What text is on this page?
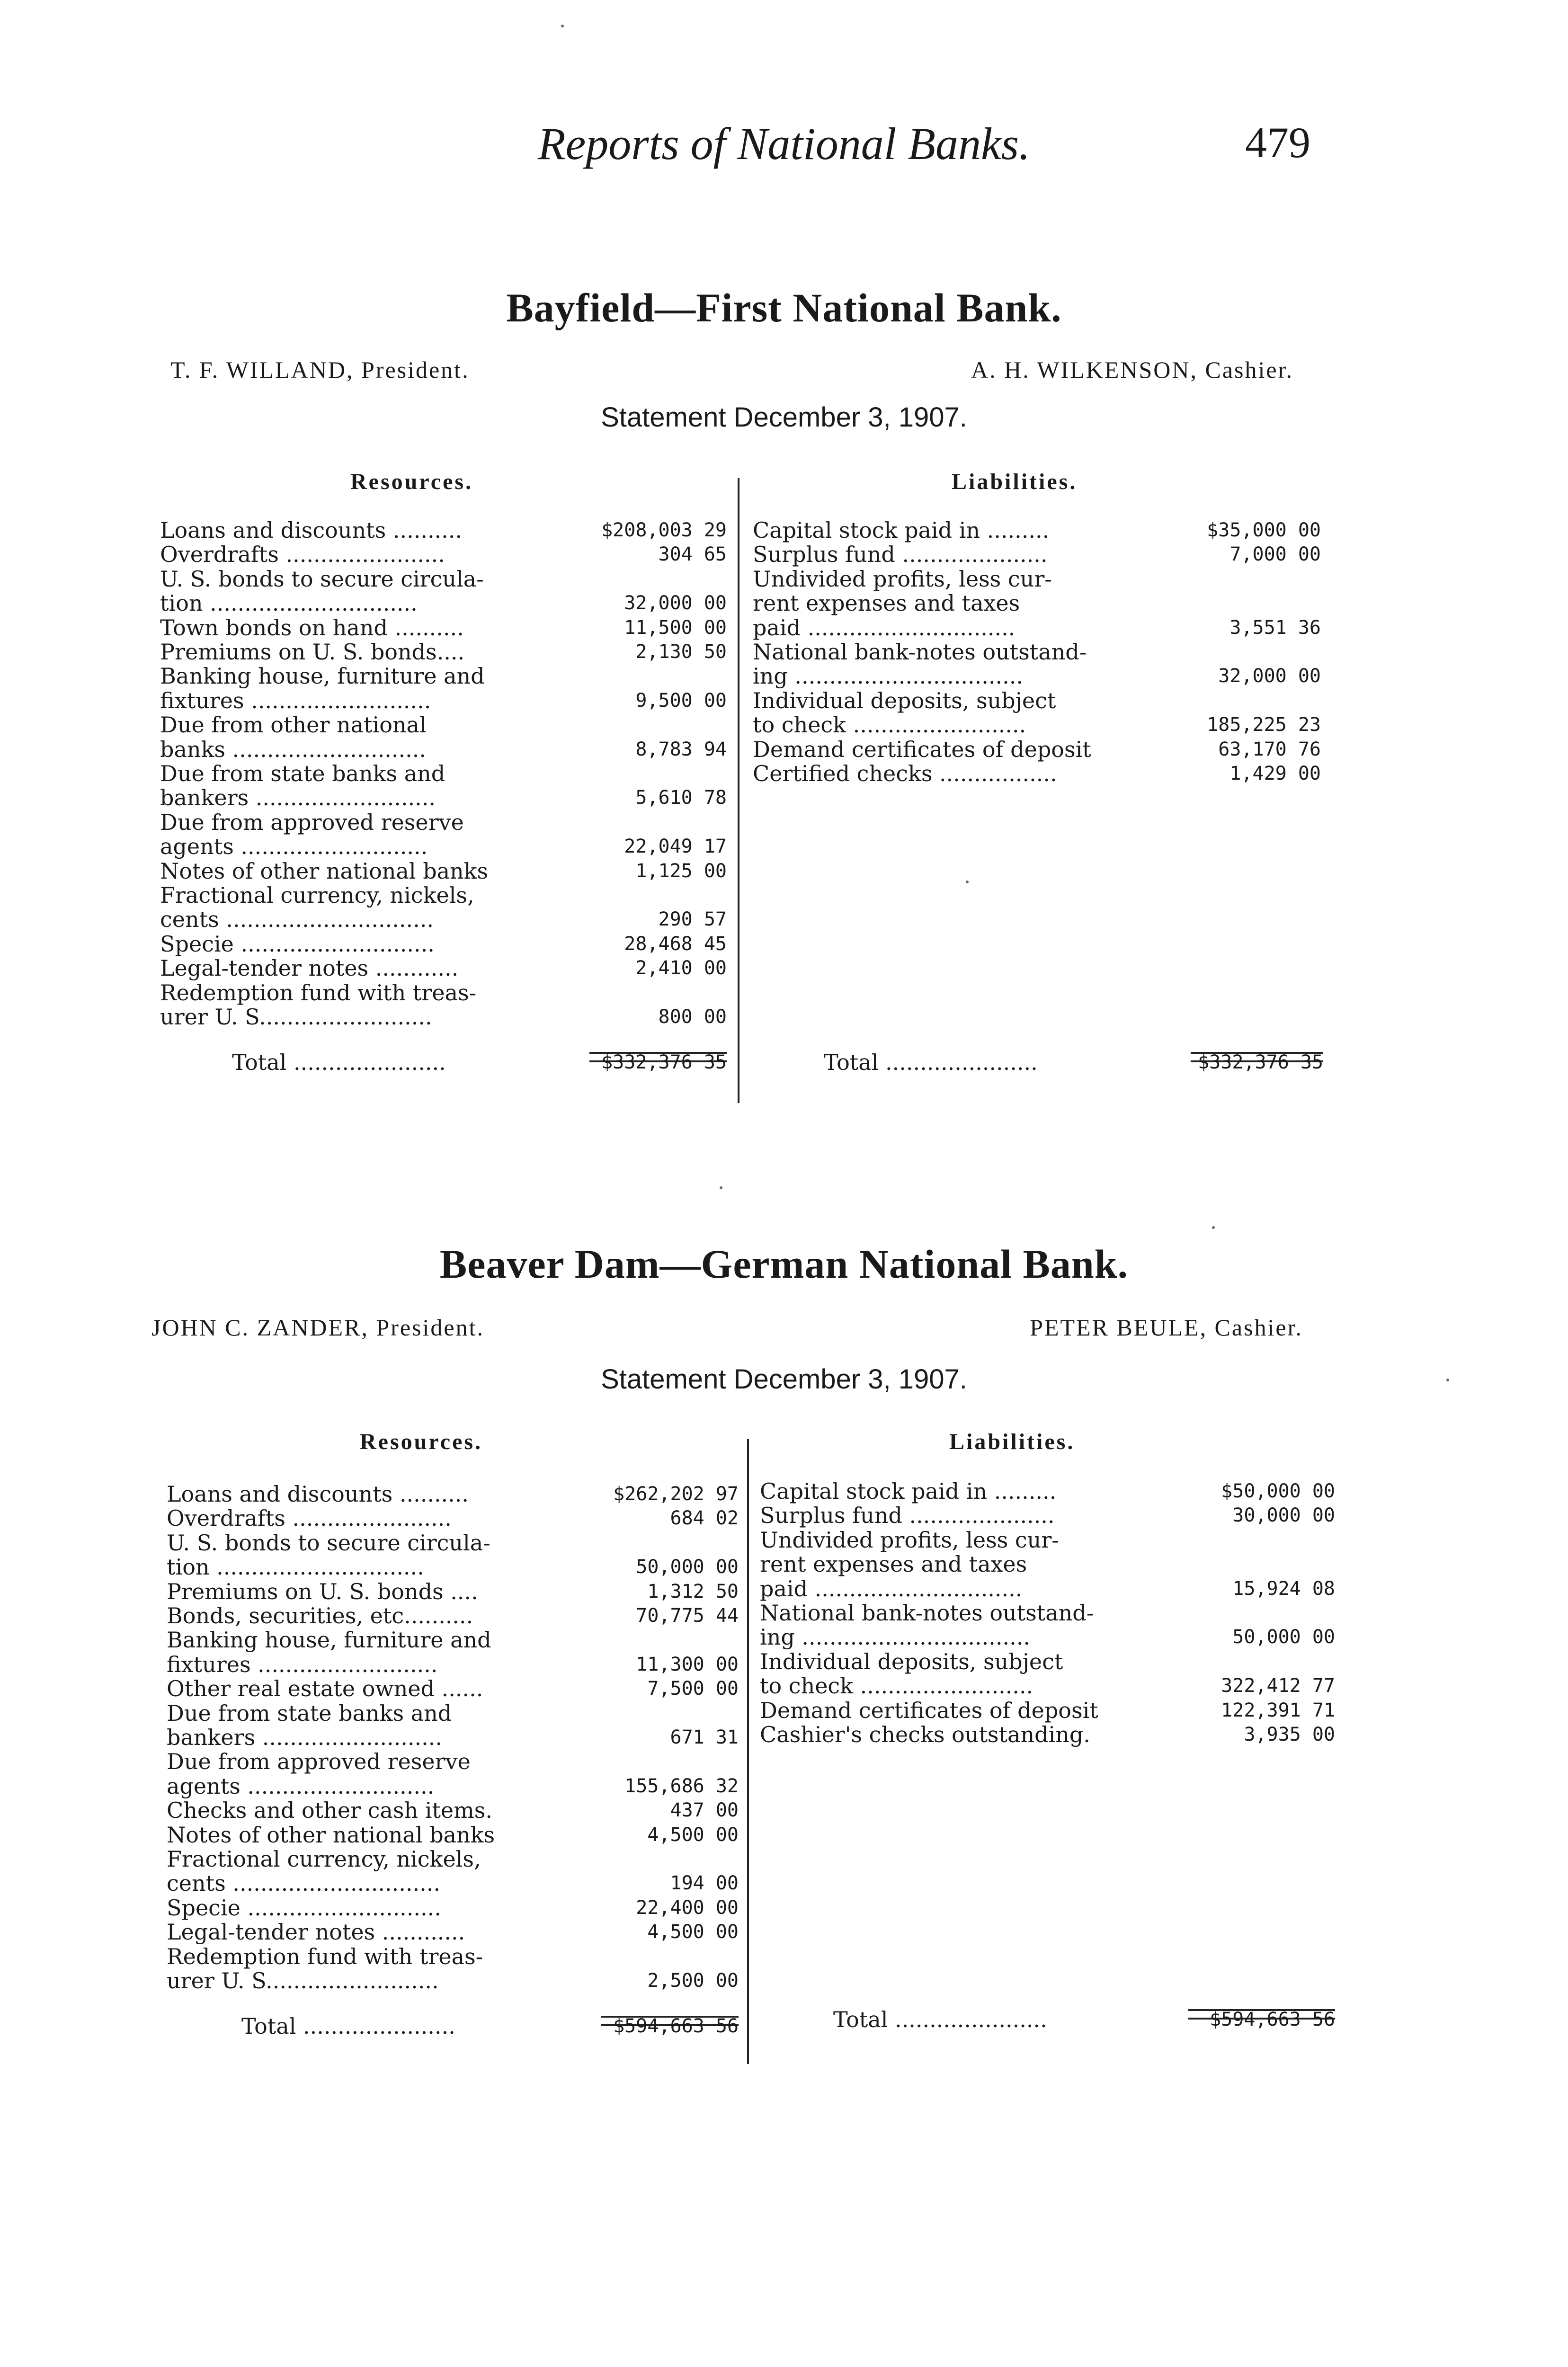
Reports of National Banks.	479
Bayfield—First National Bank.
T. F. WILLAND, President.	A. H. WILKENSON, Cashier.
Statement December 3, 1907.
Resources.	Liabilities.
Loans and discounts ..........	$208,003 29
Overdrafts .......................	304 65
U. S. bonds to secure circula-
tion ..............................	32,000 00
Town bonds on hand ..........	11,500 00
Premiums on U. S. bonds....	2,130 50
Banking house, furniture and
fixtures ..........................	9,500 00
Due from other national
banks ............................	8,783 94
Due from state banks and
bankers ..........................	5,610 78
Due from approved reserve
agents ...........................	22,049 17
Notes of other national banks	1,125 00
Fractional currency, nickels,
cents ..............................	290 57
Specie ............................	28,468 45
Legal-tender notes ............	2,410 00
Redemption fund with treas-
urer U. S.........................	800 00
Capital stock paid in .........	$35,000 00
Surplus fund .....................	7,000 00
Undivided profits, less cur-
rent expenses and taxes
paid ..............................	3,551 36
National bank-notes outstand-
ing .................................	32,000 00
Individual deposits, subject
to check .........................	185,225 23
Demand certificates of deposit	63,170 76
Certified checks .................	1,429 00
Total ......................	$332,376 35	Total ......................	$332,376 35
Beaver Dam—German National Bank.
JOHN C. ZANDER, President.	PETER BEULE, Cashier.
Statement December 3, 1907.
Resources.	Liabilities.
Loans and discounts ..........	$262,202 97
Overdrafts .......................	684 02
U. S. bonds to secure circula-
tion ..............................	50,000 00
Premiums on U. S. bonds ....	1,312 50
Bonds, securities, etc..........	70,775 44
Banking house, furniture and
fixtures ..........................	11,300 00
Other real estate owned ......	7,500 00
Due from state banks and
bankers ..........................	671 31
Due from approved reserve
agents ...........................	155,686 32
Checks and other cash items.	437 00
Notes of other national banks	4,500 00
Fractional currency, nickels,
cents ..............................	194 00
Specie ............................	22,400 00
Legal-tender notes ............	4,500 00
Redemption fund with treas-
urer U. S.........................	2,500 00
Capital stock paid in .........	$50,000 00
Surplus fund .....................	30,000 00
Undivided profits, less cur-
rent expenses and taxes
paid ..............................	15,924 08
National bank-notes outstand-
ing .................................	50,000 00
Individual deposits, subject
to check .........................	322,412 77
Demand certificates of deposit	122,391 71
Cashier's checks outstanding.	3,935 00
Total ......................	$594,663 56	Total ......................	$594,663 56
